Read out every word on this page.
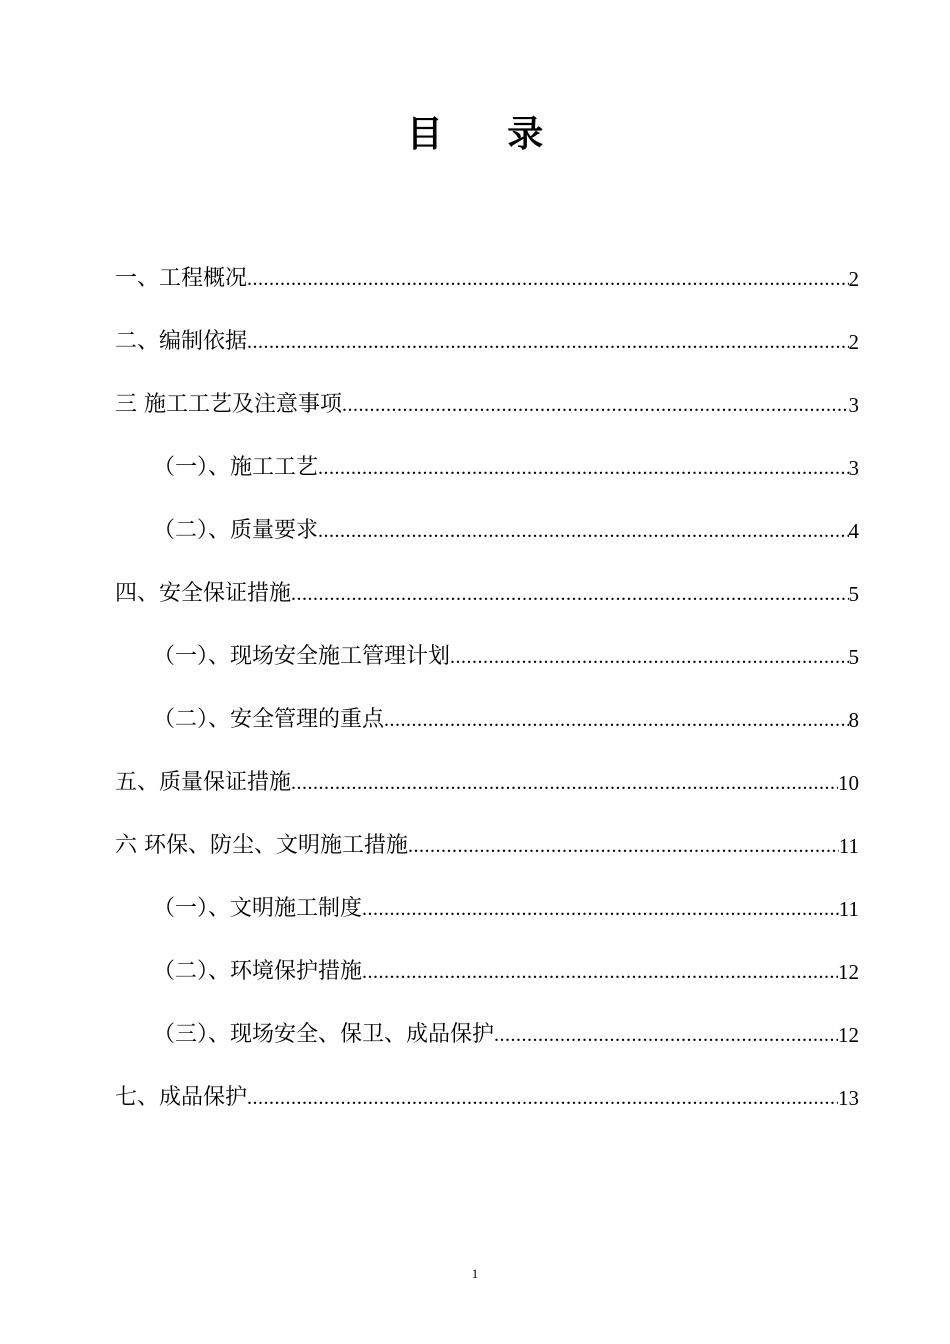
目 录
一、工程概况 .....	2
二、编制依据 .....	2
三 施工工艺及注意事项 .....	3
（一）、施工工艺 .....	3
（二）、质量要求 .....	4
四、安全保证措施 .....	5
（一）、现场安全施工管理计划 .....	5
（二）、安全管理的重点 .....	8
五、质量保证措施 .....	10
六 环保、防尘、文明施工措施 .....	11
（一）、文明施工制度 .....	11
（二）、环境保护措施 .....	12
（三）、现场安全、保卫、成品保护 .....	12
七、成品保护 .....	13
1
